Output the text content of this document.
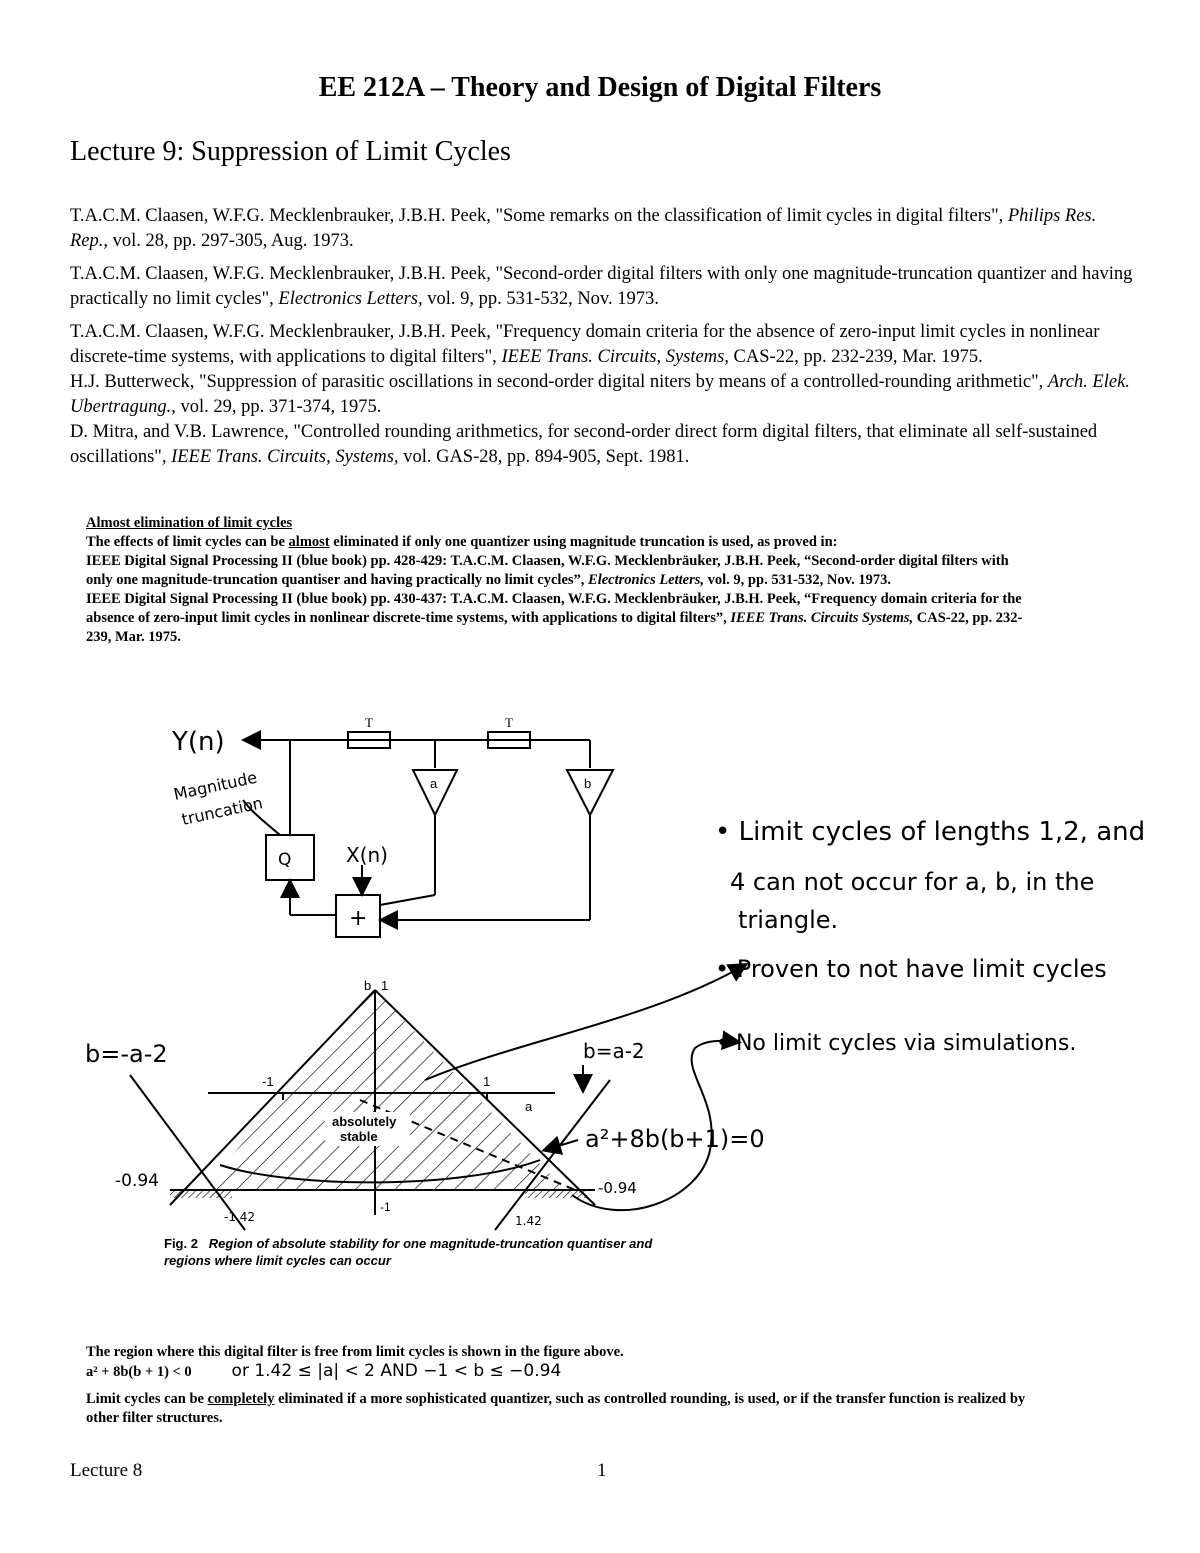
EE 212A – Theory and Design of Digital Filters
Lecture 9: Suppression of Limit Cycles

T.A.C.M. Claasen, W.F.G. Mecklenbrauker, J.B.H. Peek, "Some remarks on the classification of limit cycles in digital filters", Philips Res. Rep., vol. 28, pp. 297-305, Aug. 1973.

T.A.C.M. Claasen, W.F.G. Mecklenbrauker, J.B.H. Peek, "Second-order digital filters with only one magnitude-truncation quantizer and having practically no limit cycles", Electronics Letters, vol. 9, pp. 531-532, Nov. 1973.

T.A.C.M. Claasen, W.F.G. Mecklenbrauker, J.B.H. Peek, "Frequency domain criteria for the absence of zero-input limit cycles in nonlinear discrete-time systems, with applications to digital filters", IEEE Trans. Circuits, Systems, CAS-22, pp. 232-239, Mar. 1975.

H.J. Butterweck, "Suppression of parasitic oscillations in second-order digital niters by means of a controlled-rounding arithmetic", Arch. Elek. Ubertragung., vol. 29, pp. 371-374, 1975.

D. Mitra, and V.B. Lawrence, "Controlled rounding arithmetics, for second-order direct form digital filters, that eliminate all self-sustained oscillations", IEEE Trans. Circuits, Systems, vol. GAS-28, pp. 894-905, Sept. 1981.

Almost elimination of limit cycles

The effects of limit cycles can be almost eliminated if only one quantizer using magnitude truncation is used, as proved in:

IEEE Digital Signal Processing II (blue book) pp. 428-429: T.A.C.M. Claasen, W.F.G. Mecklenbräuker, J.B.H. Peek, “Second-order digital filters with only one magnitude-truncation quantiser and having practically no limit cycles”, Electronics Letters, vol. 9, pp. 531-532, Nov. 1973.

IEEE Digital Signal Processing II (blue book) pp. 430-437: T.A.C.M. Claasen, W.F.G. Mecklenbräuker, J.B.H. Peek, “Frequency domain criteria for the absence of zero-input limit cycles in nonlinear discrete-time systems, with applications to digital filters”, IEEE Trans. Circuits Systems, CAS-22, pp. 232-239, Mar. 1975.

T	T
a	b
Q
+
Y(n)
X(n)
Magnitude
truncation
absolutely
stable
b 1
-1	1
a
-1
b=-a-2	b=a-2
a²+8b(b+1)=0
-0.94	-0.94
-1.42	1.42
• Limit cycles of lengths 1,2, and
4 can not occur for a, b, in the
triangle.
• Proven to not have limit cycles
• No limit cycles via simulations.
Fig. 2 Region of absolute stability for one magnitude-truncation quantiser and regions where limit cycles can occur

The region where this digital filter is free from limit cycles is shown in the figure above.

a² + 8b(b + 1) < 0 or 1.42 ≤ |a| < 2 AND −1 < b ≤ −0.94

Limit cycles can be completely eliminated if a more sophisticated quantizer, such as controlled rounding, is used, or if the transfer function is realized by other filter structures.

Lecture 8	1
